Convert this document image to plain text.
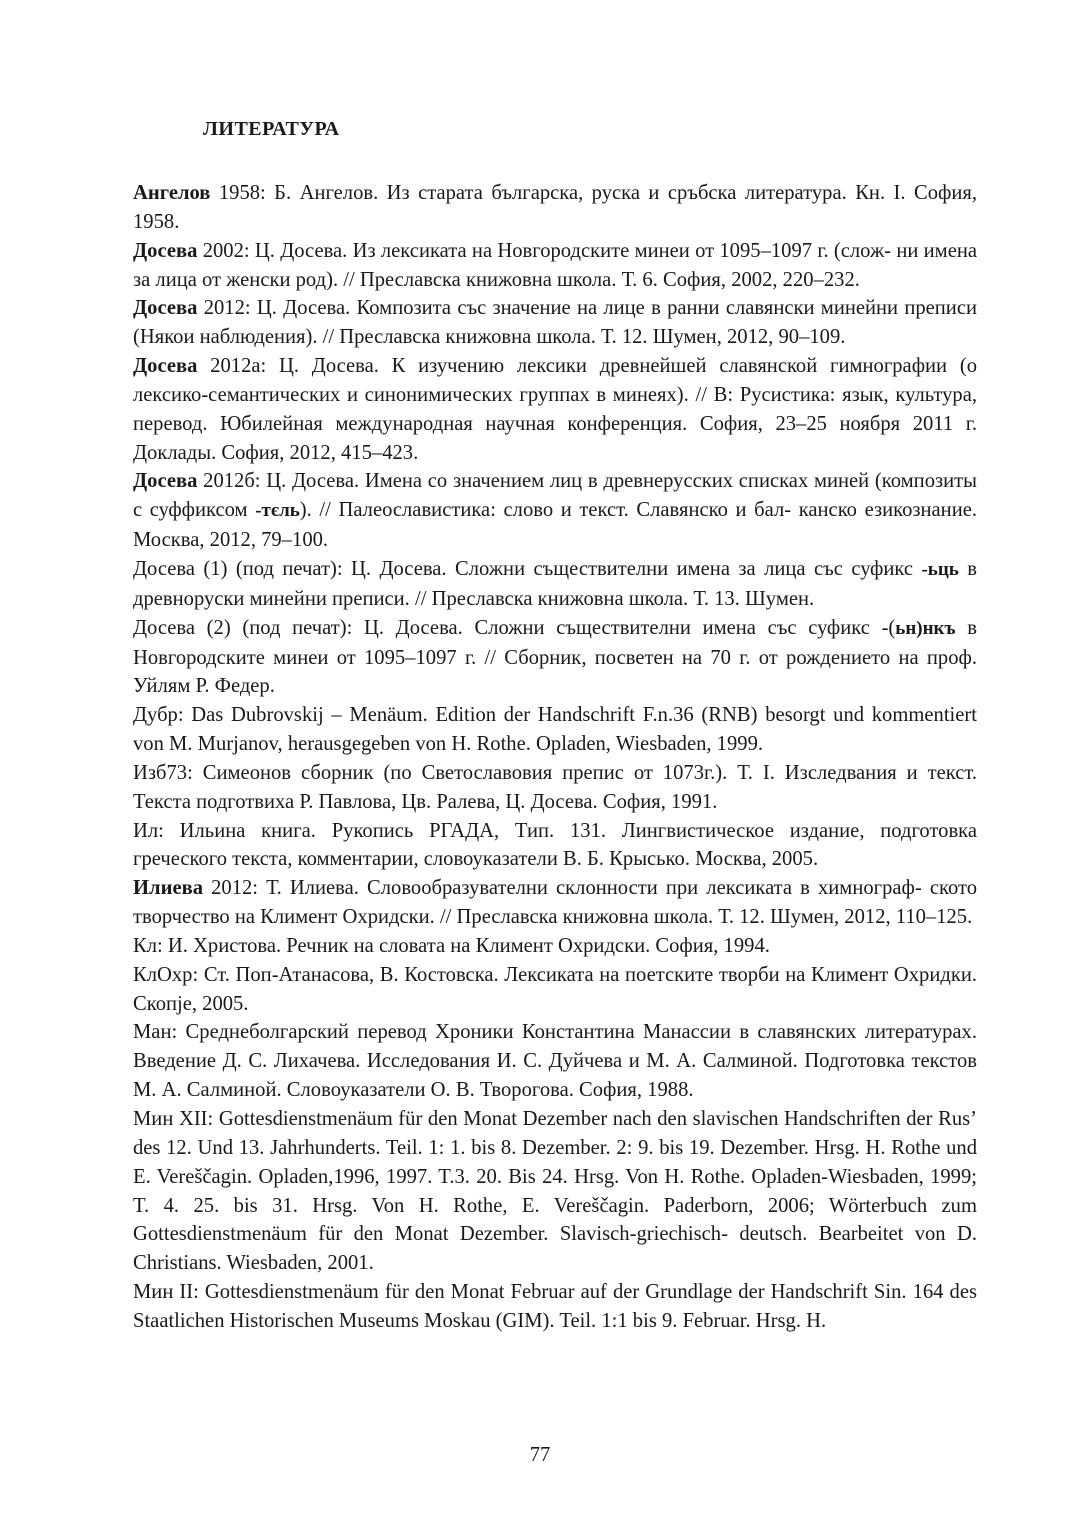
ЛИТЕРАТУРА

Ангелов 1958: Б. Ангелов. Из старата българска, руска и сръбска литература. Кн. I. София, 1958.

Досева 2002: Ц. Досева. Из лексиката на Новгородските минеи от 1095–1097 г. (слож- ни имена за лица от женски род). // Преславска книжовна школа. Т. 6. София, 2002, 220–232.

Досева 2012: Ц. Досева. Композита със значение на лице в ранни славянски минейни преписи (Някои наблюдения). // Преславска книжовна школа. Т. 12. Шумен, 2012, 90–109.

Досева 2012а: Ц. Досева. К изучению лексики древнейшей славянской гимнографии (о лексико-семантических и синонимических группах в минеях). // В: Русистика: язык, культура, перевод. Юбилейная международная научная конференция. София, 23–25 ноября 2011 г. Доклады. София, 2012, 415–423.

Досева 2012б: Ц. Досева. Имена со значением лиц в древнерусских списках миней (композиты с суффиксом -тєль). // Палеославистика: слово и текст. Славянско и бал- канско езикознание. Москва, 2012, 79–100.

Досева (1) (под печат): Ц. Досева. Сложни съществителни имена за лица със суфикс -ьць в древноруски минейни преписи. // Преславска книжовна школа. Т. 13. Шумен.

Досева (2) (под печат): Ц. Досева. Сложни съществителни имена със суфикс -(ьн)нкъ в Новгородските минеи от 1095–1097 г. // Сборник, посветен на 70 г. от рождението на проф. Уйлям Р. Федер.

Дубр: Das Dubrovskij – Menäum. Edition der Handschrift F.n.36 (RNB) besorgt und kommentiert von M. Murjanov, herausgegeben von H. Rothe. Opladen, Wiesbaden, 1999.

Изб73: Симеонов сборник (по Светославовия препис от 1073г.). Т. I. Изследвания и текст. Текста подготвиха Р. Павлова, Цв. Ралева, Ц. Досева. София, 1991.

Ил: Ильина книга. Рукопись РГАДА, Тип. 131. Лингвистическое издание, подготовка греческого текста, комментарии, словоуказатели В. Б. Крысько. Москва, 2005.

Илиева 2012: Т. Илиева. Словообразувателни склонности при лексиката в химнограф- ското творчество на Климент Охридски. // Преславска книжовна школа. Т. 12. Шумен, 2012, 110–125.

Кл: И. Христова. Речник на словата на Климент Охридски. София, 1994.

КлОхр: Ст. Поп-Атанасова, В. Костовска. Лексиката на поетските творби на Климент Охридки. Скопје, 2005.

Ман: Среднеболгарский перевод Хроники Константина Манассии в славянских литературах. Введение Д. С. Лихачева. Исследования И. С. Дуйчева и М. А. Салминой. Подготовка текстов М. А. Салминой. Словоуказатели О. В. Творогова. София, 1988.

Мин XII: Gottesdienstmenäum für den Monat Dezember nach den slavischen Handschriften der Rus’ des 12. Und 13. Jahrhunderts. Teil. 1: 1. bis 8. Dezember. 2: 9. bis 19. Dezember. Hrsg. H. Rothe und E. Vereščagin. Opladen,1996, 1997. T.3. 20. Bis 24. Hrsg. Von H. Rothe. Opladen-Wiesbaden, 1999; T. 4. 25. bis 31. Hrsg. Von H. Rothe, E. Vereščagin. Paderborn, 2006; Wörterbuch zum Gottesdienstmenäum für den Monat Dezember. Slavisch-griechisch- deutsch. Bearbeitet von D. Christians. Wiesbaden, 2001.

Мин II: Gottesdienstmenäum für den Monat Februar auf der Grundlage der Handschrift Sin. 164 des Staatlichen Historischen Museums Moskau (GIM). Teil. 1:1 bis 9. Februar. Hrsg. H.

77
